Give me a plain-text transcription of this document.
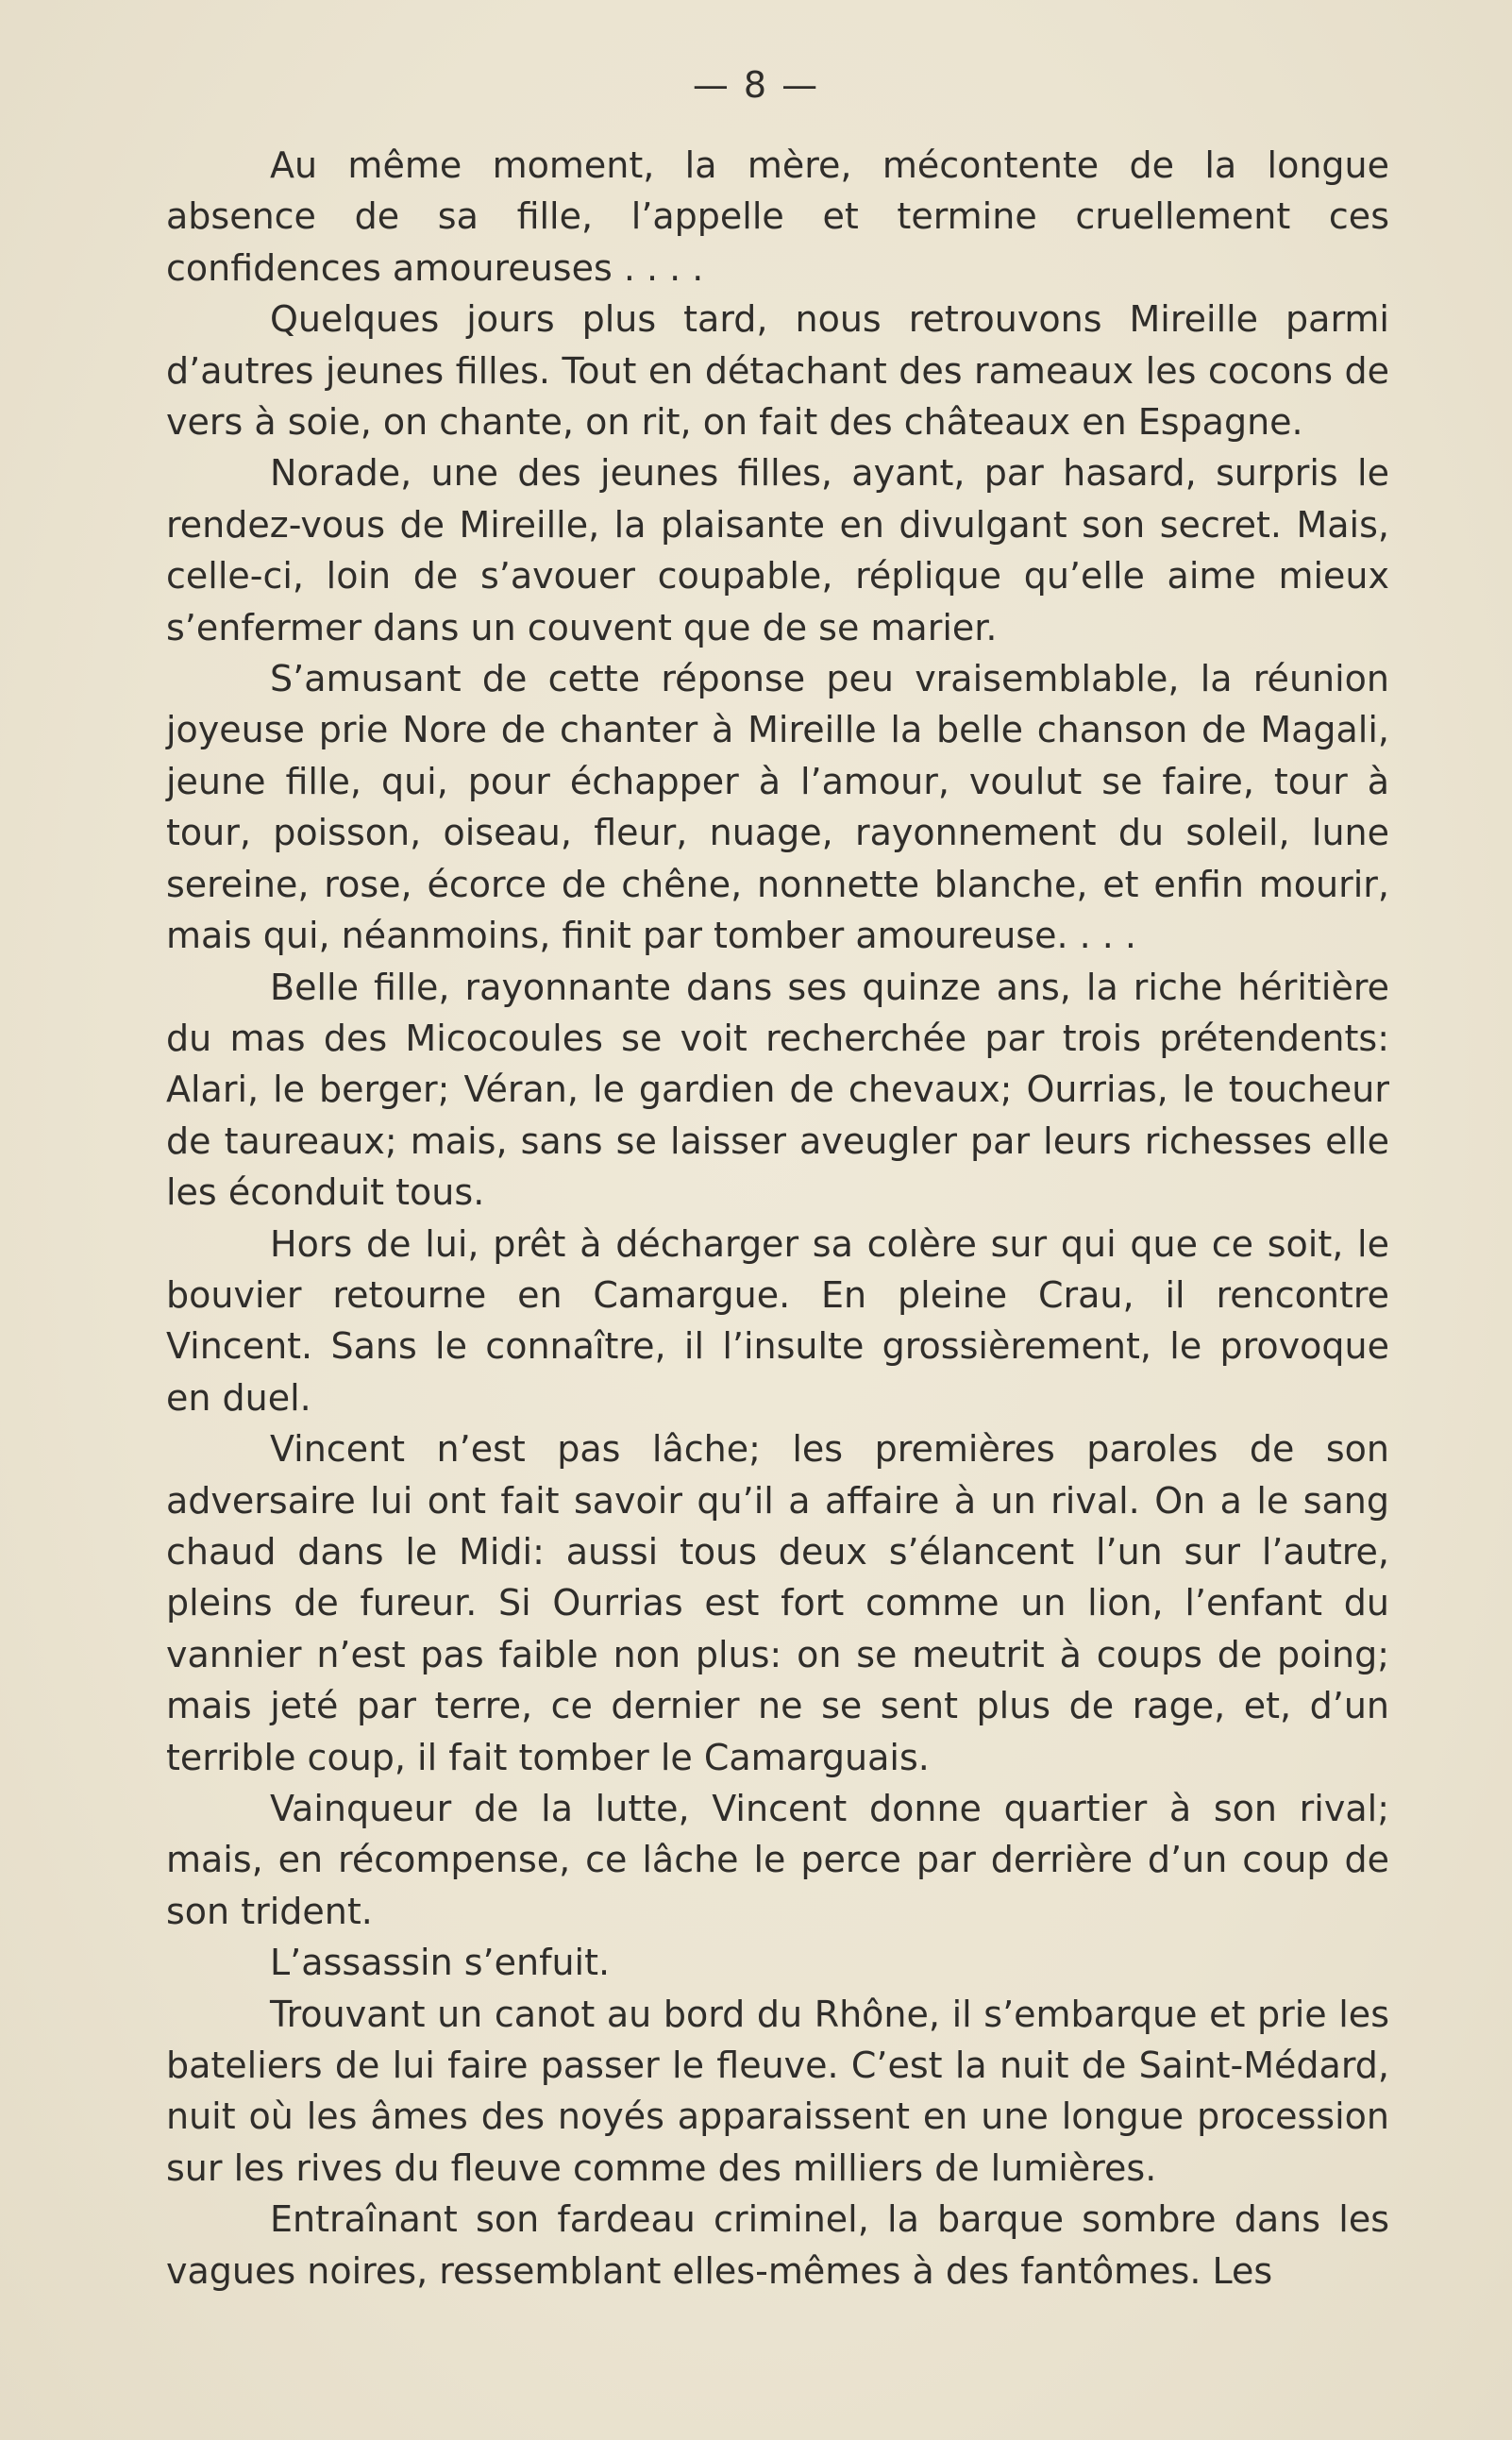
— 8 —

Au même moment, la mère, mécontente de la longue absence de sa fille, l’appelle et termine cruellement ces confidences amoureuses . . . .

Quelques jours plus tard, nous retrouvons Mireille parmi d’autres jeunes filles. Tout en détachant des rameaux les cocons de vers à soie, on chante, on rit, on fait des châteaux en Espagne.

Norade, une des jeunes filles, ayant, par hasard, surpris le rendez-vous de Mireille, la plaisante en divulgant son secret. Mais, celle-ci, loin de s’avouer coupable, réplique qu’elle aime mieux s’enfermer dans un couvent que de se marier.

S’amusant de cette réponse peu vraisemblable, la réunion joyeuse prie Nore de chanter à Mireille la belle chanson de Magali, jeune fille, qui, pour échapper à l’amour, voulut se faire, tour à tour, poisson, oiseau, fleur, nuage, rayonnement du soleil, lune sereine, rose, écorce de chêne, nonnette blanche, et enfin mourir, mais qui, néanmoins, finit par tomber amoureuse. . . .

Belle fille, rayonnante dans ses quinze ans, la riche héritière du mas des Micocoules se voit recherchée par trois prétendents: Alari, le berger; Véran, le gardien de chevaux; Ourrias, le toucheur de taureaux; mais, sans se laisser aveugler par leurs richesses elle les éconduit tous.

Hors de lui, prêt à décharger sa colère sur qui que ce soit, le bouvier retourne en Camargue. En pleine Crau, il rencontre Vincent. Sans le connaître, il l’insulte grossièrement, le provoque en duel.

Vincent n’est pas lâche; les premières paroles de son adversaire lui ont fait savoir qu’il a affaire à un rival. On a le sang chaud dans le Midi: aussi tous deux s’élancent l’un sur l’autre, pleins de fureur. Si Ourrias est fort comme un lion, l’enfant du vannier n’est pas faible non plus: on se meutrit à coups de poing; mais jeté par terre, ce dernier ne se sent plus de rage, et, d’un terrible coup, il fait tomber le Camarguais.

Vainqueur de la lutte, Vincent donne quartier à son rival; mais, en récompense, ce lâche le perce par derrière d’un coup de son trident.

L’assassin s’enfuit.

Trouvant un canot au bord du Rhône, il s’embarque et prie les bateliers de lui faire passer le fleuve. C’est la nuit de Saint-Médard, nuit où les âmes des noyés apparaissent en une longue procession sur les rives du fleuve comme des milliers de lumières.

Entraînant son fardeau criminel, la barque sombre dans les vagues noires, ressemblant elles-mêmes à des fantômes. Les
